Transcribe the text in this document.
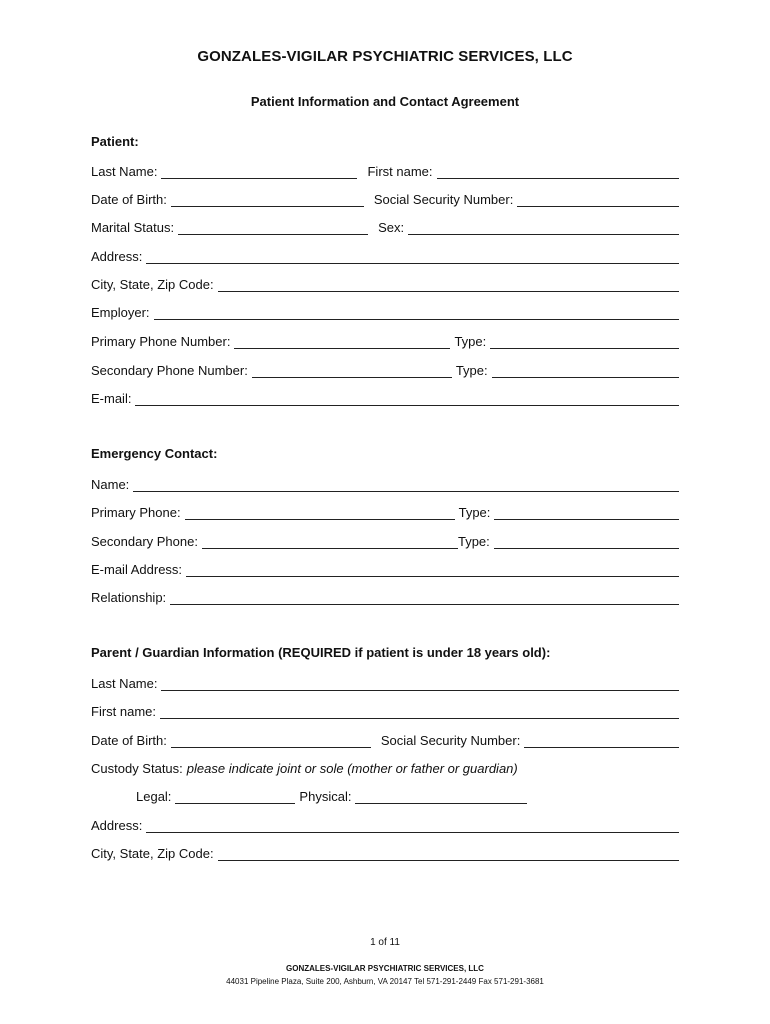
GONZALES-VIGILAR PSYCHIATRIC SERVICES, LLC
Patient Information and Contact Agreement
Patient:
Last Name:	First name:
Date of Birth:	Social Security Number:
Marital Status:	Sex:
Address:
City, State, Zip Code:
Employer:
Primary Phone Number:	Type:
Secondary Phone Number:	Type:
E-mail:
Emergency Contact:
Name:
Primary Phone:	Type:
Secondary Phone:	Type:
E-mail Address:
Relationship:
Parent / Guardian Information (REQUIRED if patient is under 18 years old):
Last Name:
First name:
Date of Birth:	Social Security Number:
Custody Status: please indicate joint or sole (mother or father or guardian)
Legal:	Physical:
Address:
City, State, Zip Code:
1 of 11
GONZALES-VIGILAR PSYCHIATRIC SERVICES, LLC
44031 Pipeline Plaza, Suite 200, Ashburn, VA 20147 Tel 571-291-2449 Fax 571-291-3681
